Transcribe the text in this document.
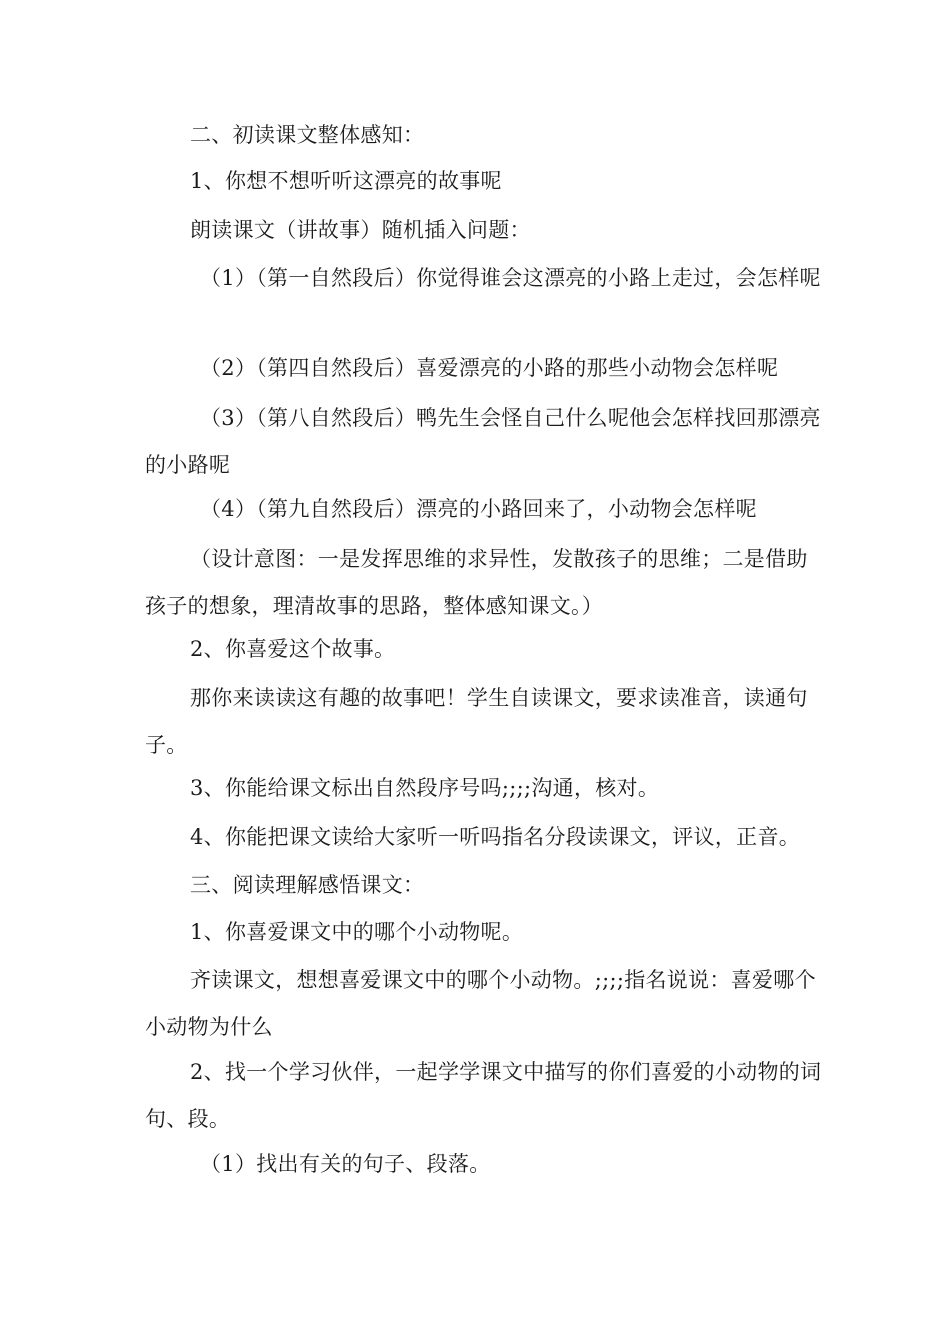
二、初读课文整体感知：
1、你想不想听听这漂亮的故事呢
朗读课文（讲故事）随机插入问题：
（1）（第一自然段后）你觉得谁会这漂亮的小路上走过，会怎样呢
（2）（第四自然段后）喜爱漂亮的小路的那些小动物会怎样呢
（3）（第八自然段后）鸭先生会怪自己什么呢他会怎样找回那漂亮的小路呢
（4）（第九自然段后）漂亮的小路回来了，小动物会怎样呢
（设计意图：一是发挥思维的求异性，发散孩子的思维；二是借助孩子的想象，理清故事的思路，整体感知课文。）
2、你喜爱这个故事。
那你来读读这有趣的故事吧！学生自读课文，要求读准音，读通句子。
3、你能给课文标出自然段序号吗;;;;沟通，核对。
4、你能把课文读给大家听一听吗指名分段读课文，评议，正音。
三、阅读理解感悟课文：
1、你喜爱课文中的哪个小动物呢。
齐读课文，想想喜爱课文中的哪个小动物。;;;;指名说说：喜爱哪个小动物为什么
2、找一个学习伙伴，一起学学课文中描写的你们喜爱的小动物的词句、段。
（1）找出有关的句子、段落。
